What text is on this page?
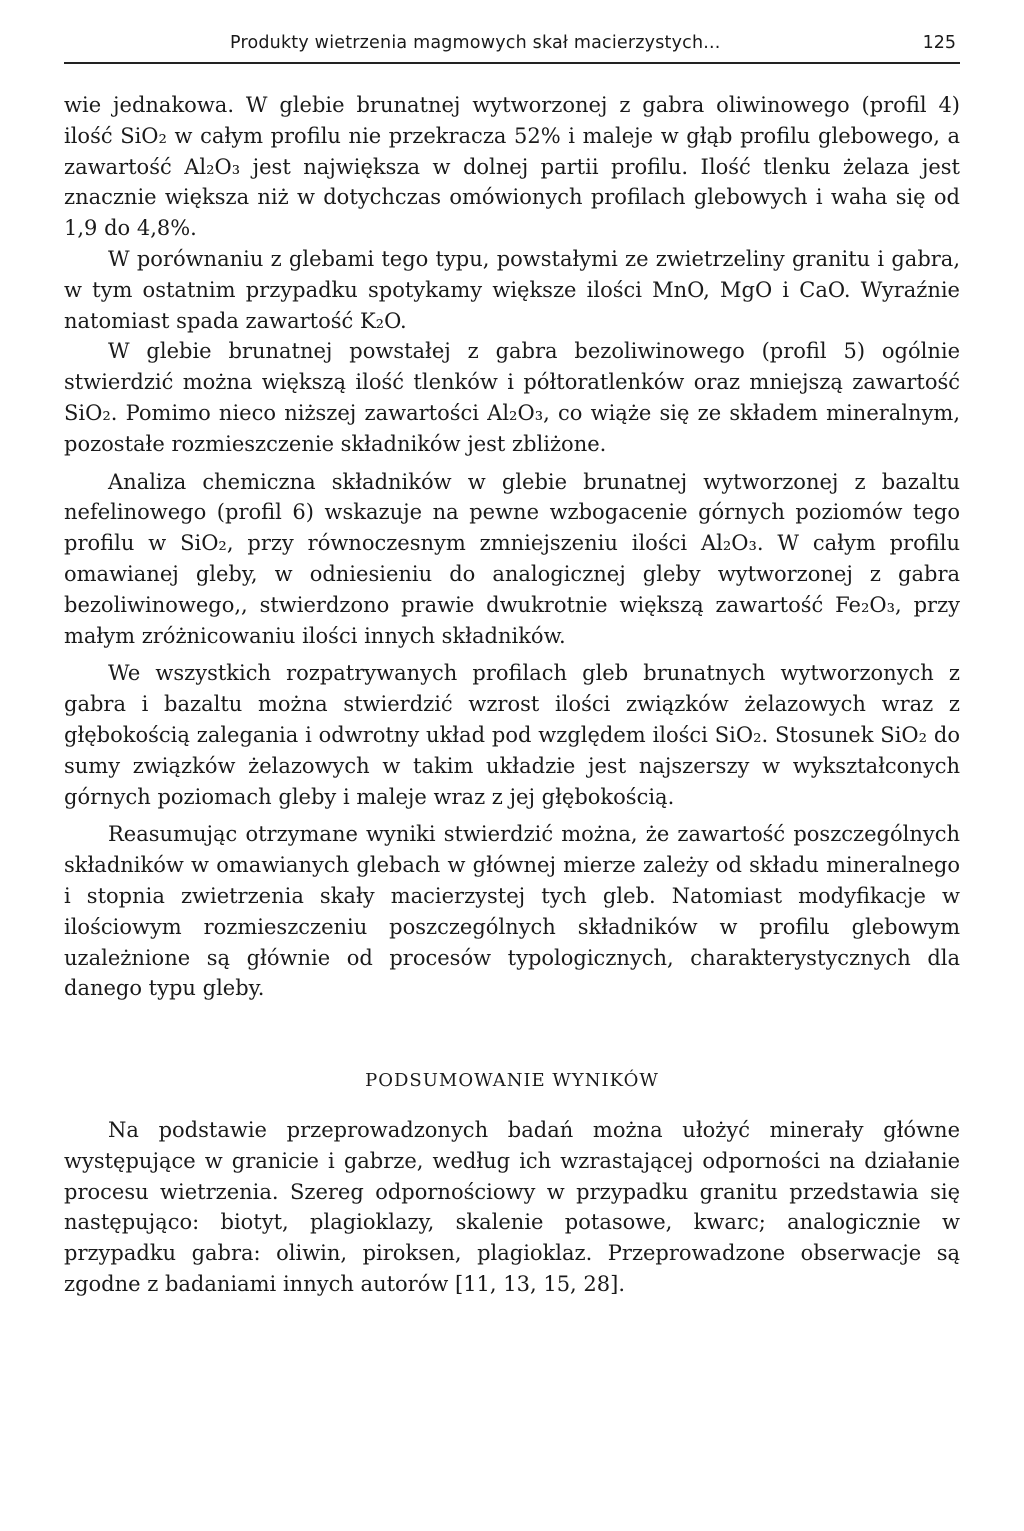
Produkty wietrzenia magmowych skał macierzystych...	125

wie jednakowa. W glebie brunatnej wytworzonej z gabra oliwinowego (profil 4) ilość SiO₂ w całym profilu nie przekracza 52% i maleje w głąb profilu glebowego, a zawartość Al₂O₃ jest największa w dolnej partii profilu. Ilość tlenku żelaza jest znacznie większa niż w dotychczas omówionych profilach glebowych i waha się od 1,9 do 4,8%.

W porównaniu z glebami tego typu, powstałymi ze zwietrzeliny granitu i gabra, w tym ostatnim przypadku spotykamy większe ilości MnO, MgO i CaO. Wyraźnie natomiast spada zawartość K₂O.

W glebie brunatnej powstałej z gabra bezoliwinowego (profil 5) ogólnie stwierdzić można większą ilość tlenków i półtoratlenków oraz mniejszą zawartość SiO₂. Pomimo nieco niższej zawartości Al₂O₃, co wiąże się ze składem mineralnym, pozostałe rozmieszczenie składników jest zbliżone.

Analiza chemiczna składników w glebie brunatnej wytworzonej z bazaltu nefelinowego (profil 6) wskazuje na pewne wzbogacenie górnych poziomów tego profilu w SiO₂, przy równoczesnym zmniejszeniu ilości Al₂O₃. W całym profilu omawianej gleby, w odniesieniu do analogicznej gleby wytworzonej z gabra bezoliwinowego,, stwierdzono prawie dwukrotnie większą zawartość Fe₂O₃, przy małym zróżnicowaniu ilości innych składników.

We wszystkich rozpatrywanych profilach gleb brunatnych wytworzonych z gabra i bazaltu można stwierdzić wzrost ilości związków żelazowych wraz z głębokością zalegania i odwrotny układ pod względem ilości SiO₂. Stosunek SiO₂ do sumy związków żelazowych w takim układzie jest najszerszy w wykształconych górnych poziomach gleby i maleje wraz z jej głębokością.

Reasumując otrzymane wyniki stwierdzić można, że zawartość poszczególnych składników w omawianych glebach w głównej mierze zależy od składu mineralnego i stopnia zwietrzenia skały macierzystej tych gleb. Natomiast modyfikacje w ilościowym rozmieszczeniu poszczególnych składników w profilu glebowym uzależnione są głównie od procesów typologicznych, charakterystycznych dla danego typu gleby.

PODSUMOWANIE WYNIKÓW

Na podstawie przeprowadzonych badań można ułożyć minerały główne występujące w granicie i gabrze, według ich wzrastającej odporności na działanie procesu wietrzenia. Szereg odpornościowy w przypadku granitu przedstawia się następująco: biotyt, plagioklazy, skalenie potasowe, kwarc; analogicznie w przypadku gabra: oliwin, piroksen, plagioklaz. Przeprowadzone obserwacje są zgodne z badaniami innych autorów [11, 13, 15, 28].
